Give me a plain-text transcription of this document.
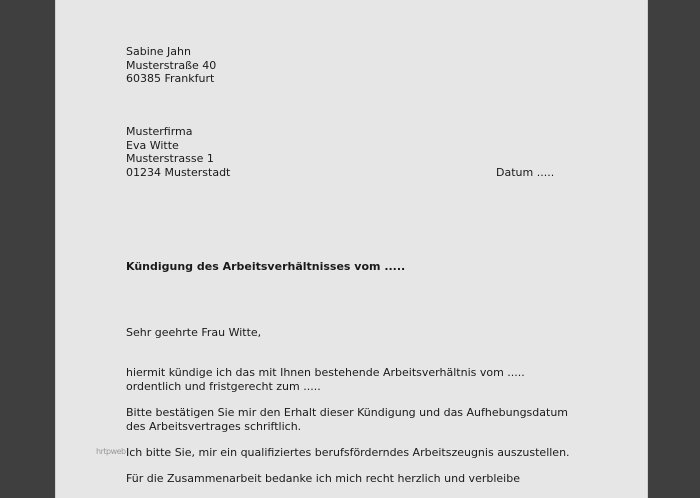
Sabine Jahn
Musterstraße 40
60385 Frankfurt
Musterfirma
Eva Witte
Musterstrasse 1
01234 Musterstadt	Datum .....
Kündigung des Arbeitsverhältnisses vom .....
Sehr geehrte Frau Witte,
hiermit kündige ich das mit Ihnen bestehende Arbeitsverhältnis vom .....
ordentlich und fristgerecht zum .....
Bitte bestätigen Sie mir den Erhalt dieser Kündigung und das Aufhebungsdatum
des Arbeitsvertrages schriftlich.
Ich bitte Sie, mir ein qualifiziertes berufsförderndes Arbeitszeugnis auszustellen.
Für die Zusammenarbeit bedanke ich mich recht herzlich und verbleibe
hrtpweb
